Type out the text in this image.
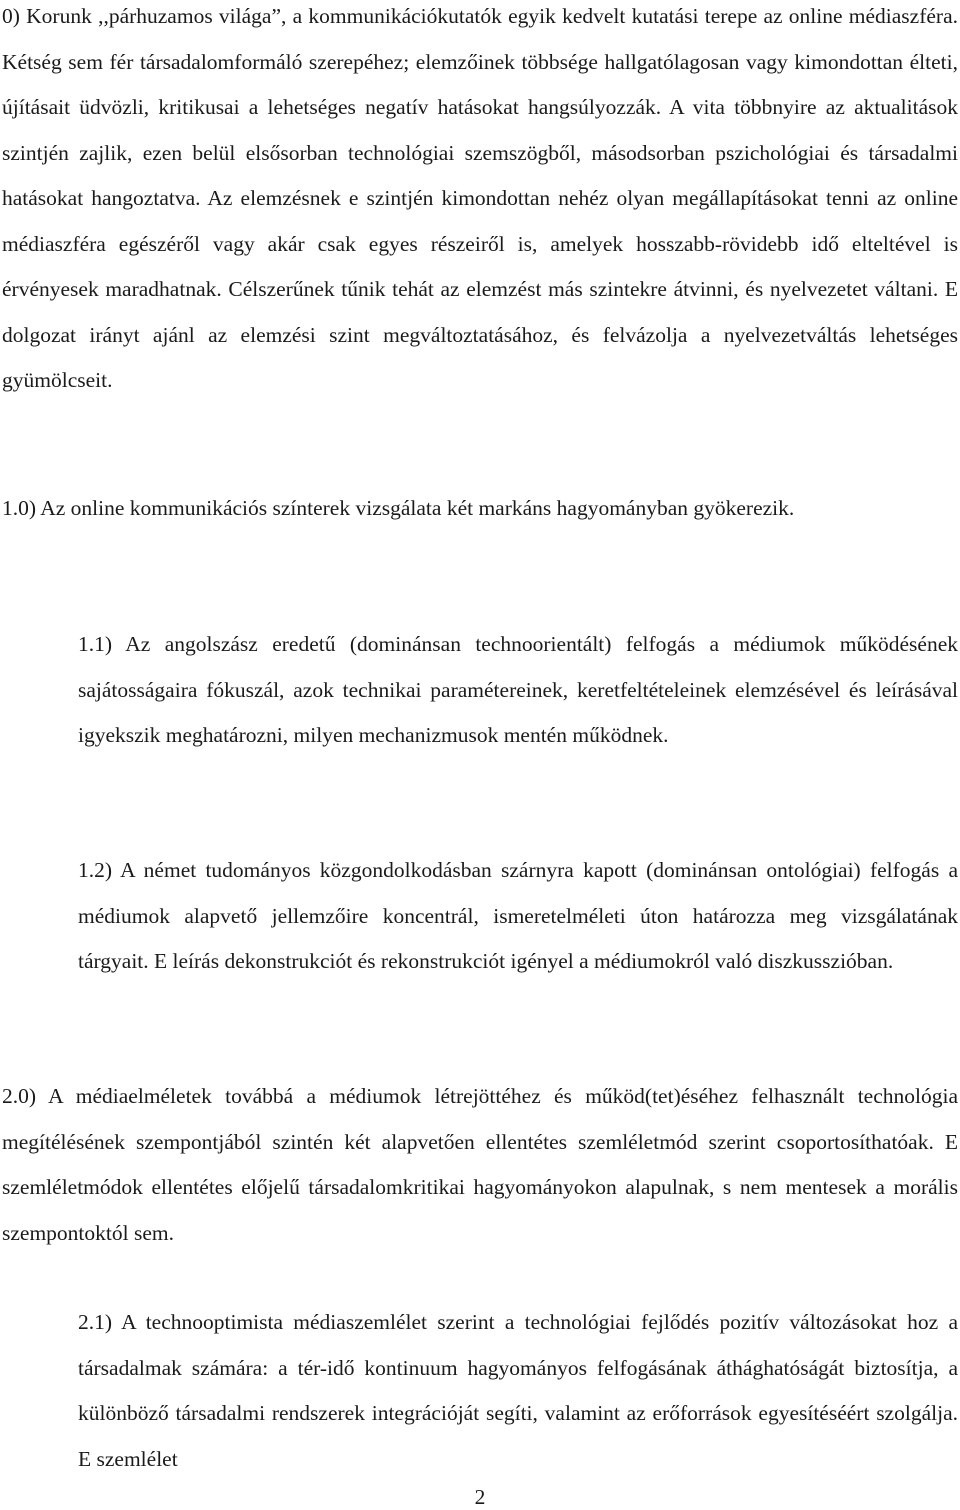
0) Korunk ,,párhuzamos világa”, a kommunikációkutatók egyik kedvelt kutatási terepe az online médiaszféra. Kétség sem fér társadalomformáló szerepéhez; elemzőinek többsége hallgatólagosan vagy kimondottan élteti, újításait üdvözli, kritikusai a lehetséges negatív hatásokat hangsúlyozzák. A vita többnyire az aktualitások szintjén zajlik, ezen belül elsősorban technológiai szemszögből, másodsorban pszichológiai és társadalmi hatásokat hangoztatva. Az elemzésnek e szintjén kimondottan nehéz olyan megállapításokat tenni az online médiaszféra egészéről vagy akár csak egyes részeiről is, amelyek hosszabb-rövidebb idő elteltével is érvényesek maradhatnak. Célszerűnek tűnik tehát az elemzést más szintekre átvinni, és nyelvezetet váltani. E dolgozat irányt ajánl az elemzési szint megváltoztatásához, és felvázolja a nyelvezetváltás lehetséges gyümölcseit.

1.0) Az online kommunikációs színterek vizsgálata két markáns hagyományban gyökerezik.

1.1) Az angolszász eredetű (dominánsan technoorientált) felfogás a médiumok működésének sajátosságaira fókuszál, azok technikai paramétereinek, keretfeltételeinek elemzésével és leírásával igyekszik meghatározni, milyen mechanizmusok mentén működnek.

1.2) A német tudományos közgondolkodásban szárnyra kapott (dominánsan ontológiai) felfogás a médiumok alapvető jellemzőire koncentrál, ismeretelméleti úton határozza meg vizsgálatának tárgyait. E leírás dekonstrukciót és rekonstrukciót igényel a médiumokról való diszkusszióban.

2.0) A médiaelméletek továbbá a médiumok létrejöttéhez és működ(tet)éséhez felhasznált technológia megítélésének szempontjából szintén két alapvetően ellentétes szemléletmód szerint csoportosíthatóak. E szemléletmódok ellentétes előjelű társadalomkritikai hagyományokon alapulnak, s nem mentesek a morális szempontoktól sem.

2.1) A technooptimista médiaszemlélet szerint a technológiai fejlődés pozitív változásokat hoz a társadalmak számára: a tér-idő kontinuum hagyományos felfogásának áthághatóságát biztosítja, a különböző társadalmi rendszerek integrációját segíti, valamint az erőforrások egyesítéséért szolgálja. E szemlélet

2
